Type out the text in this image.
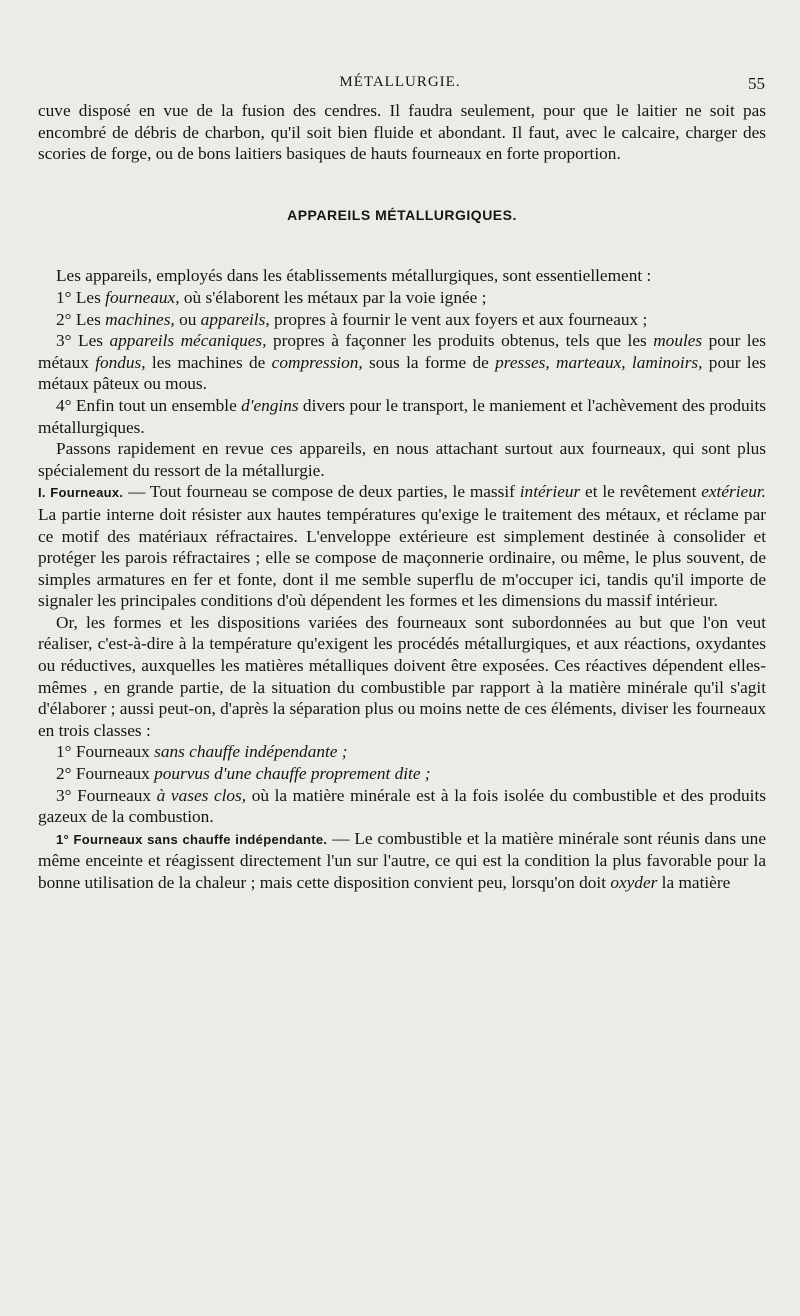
MÉTALLURGIE.	55

cuve disposé en vue de la fusion des cendres. Il faudra seulement, pour que le laitier ne soit pas encombré de débris de charbon, qu'il soit bien fluide et abondant. Il faut, avec le calcaire, charger des scories de forge, ou de bons laitiers basiques de hauts fourneaux en forte proportion.

APPAREILS MÉTALLURGIQUES.

Les appareils, employés dans les établissements métallurgiques, sont essentiellement :

1° Les fourneaux, où s'élaborent les métaux par la voie ignée ;

2° Les machines, ou appareils, propres à fournir le vent aux foyers et aux fourneaux ;

3° Les appareils mécaniques, propres à façonner les produits obtenus, tels que les moules pour les métaux fondus, les machines de compression, sous la forme de presses, marteaux, laminoirs, pour les métaux pâteux ou mous.

4° Enfin tout un ensemble d'engins divers pour le transport, le maniement et l'achèvement des produits métallurgiques.

Passons rapidement en revue ces appareils, en nous attachant surtout aux fourneaux, qui sont plus spécialement du ressort de la métallurgie.

I. Fourneaux. — Tout fourneau se compose de deux parties, le massif intérieur et le revêtement extérieur. La partie interne doit résister aux hautes températures qu'exige le traitement des métaux, et réclame par ce motif des matériaux réfractaires. L'enveloppe extérieure est simplement destinée à consolider et protéger les parois réfractaires ; elle se compose de maçonnerie ordinaire, ou même, le plus souvent, de simples armatures en fer et fonte, dont il me semble superflu de m'occuper ici, tandis qu'il importe de signaler les principales conditions d'où dépendent les formes et les dimensions du massif intérieur.

Or, les formes et les dispositions variées des fourneaux sont subordonnées au but que l'on veut réaliser, c'est-à-dire à la température qu'exigent les procédés métallurgiques, et aux réactions, oxydantes ou réductives, auxquelles les matières métalliques doivent être exposées. Ces réactives dépendent elles-mêmes , en grande partie, de la situation du combustible par rapport à la matière minérale qu'il s'agit d'élaborer ; aussi peut-on, d'après la séparation plus ou moins nette de ces éléments, diviser les fourneaux en trois classes :

1° Fourneaux sans chauffe indépendante ;

2° Fourneaux pourvus d'une chauffe proprement dite ;

3° Fourneaux à vases clos, où la matière minérale est à la fois isolée du combustible et des produits gazeux de la combustion.

1° Fourneaux sans chauffe indépendante. — Le combustible et la matière minérale sont réunis dans une même enceinte et réagissent directement l'un sur l'autre, ce qui est la condition la plus favorable pour la bonne utilisation de la chaleur ; mais cette disposition convient peu, lorsqu'on doit oxyder la matière
